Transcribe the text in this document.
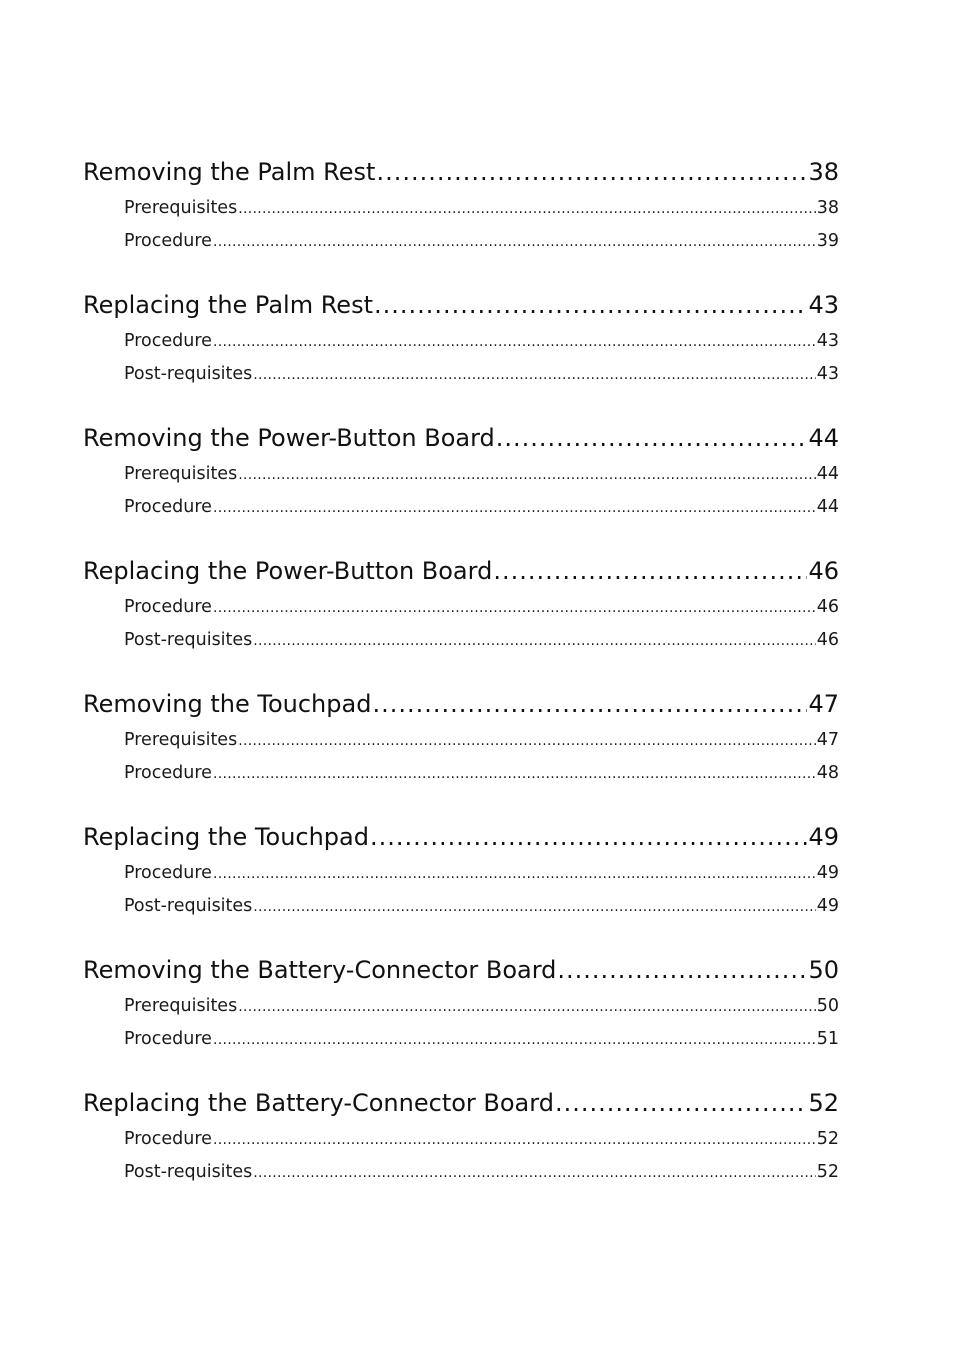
Removing the Palm Rest .....	38
Prerequisites .....	38
Procedure .....	39
Replacing the Palm Rest .....	43
Procedure .....	43
Post-requisites .....	43
Removing the Power-Button Board .....	44
Prerequisites .....	44
Procedure .....	44
Replacing the Power-Button Board .....	46
Procedure .....	46
Post-requisites .....	46
Removing the Touchpad .....	47
Prerequisites .....	47
Procedure .....	48
Replacing the Touchpad .....	49
Procedure .....	49
Post-requisites .....	49
Removing the Battery-Connector Board .....	50
Prerequisites .....	50
Procedure .....	51
Replacing the Battery-Connector Board .....	52
Procedure .....	52
Post-requisites .....	52
